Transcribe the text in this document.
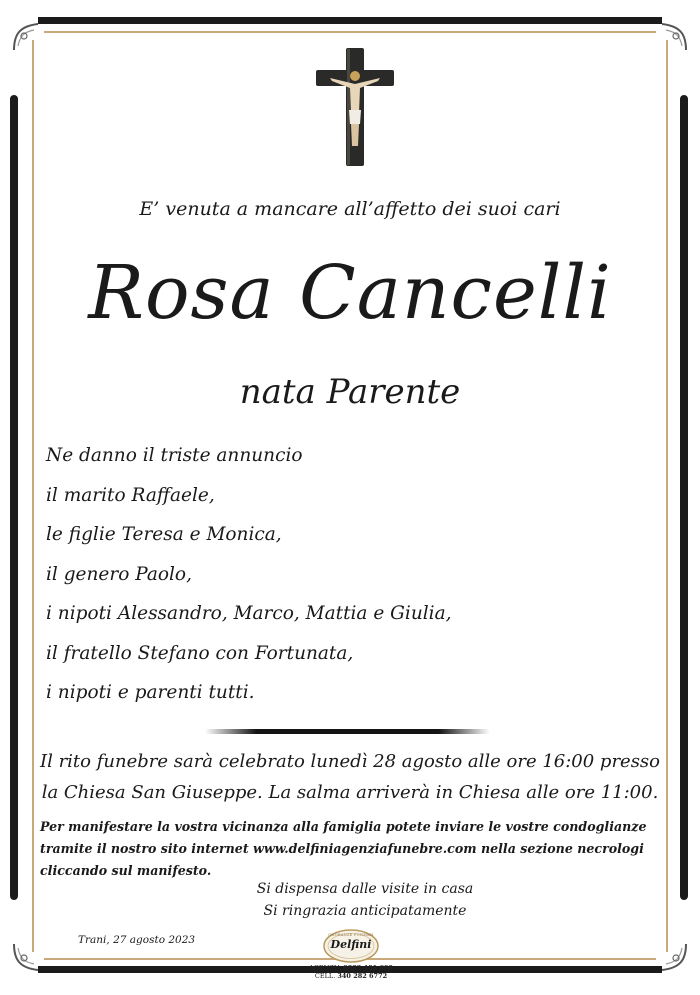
E’ venuta a mancare all’affetto dei suoi cari
Rosa Cancelli
nata Parente
Ne danno il triste annuncio
il marito Raffaele,
le figlie Teresa e Monica,
il genero Paolo,
i nipoti Alessandro, Marco, Mattia e Giulia,
il fratello Stefano con Fortunata,
i nipoti e parenti tutti.
Il rito funebre sarà celebrato lunedì 28 agosto alle ore 16:00 presso
la Chiesa San Giuseppe. La salma arriverà in Chiesa alle ore 11:00.
Per manifestare la vostra vicinanza alla famiglia potete inviare le vostre condoglianze
tramite il nostro sito internet www.delfiniagenziafunebre.com nella sezione necrologi
cliccando sul manifesto.
Si dispensa dalle visite in casa
Si ringrazia anticipatamente
Trani, 27 agosto 2023	ONORANZE FUNEBRI
Delfini
AGENZIA 0883 481 608
CELL. 340 282 6772
